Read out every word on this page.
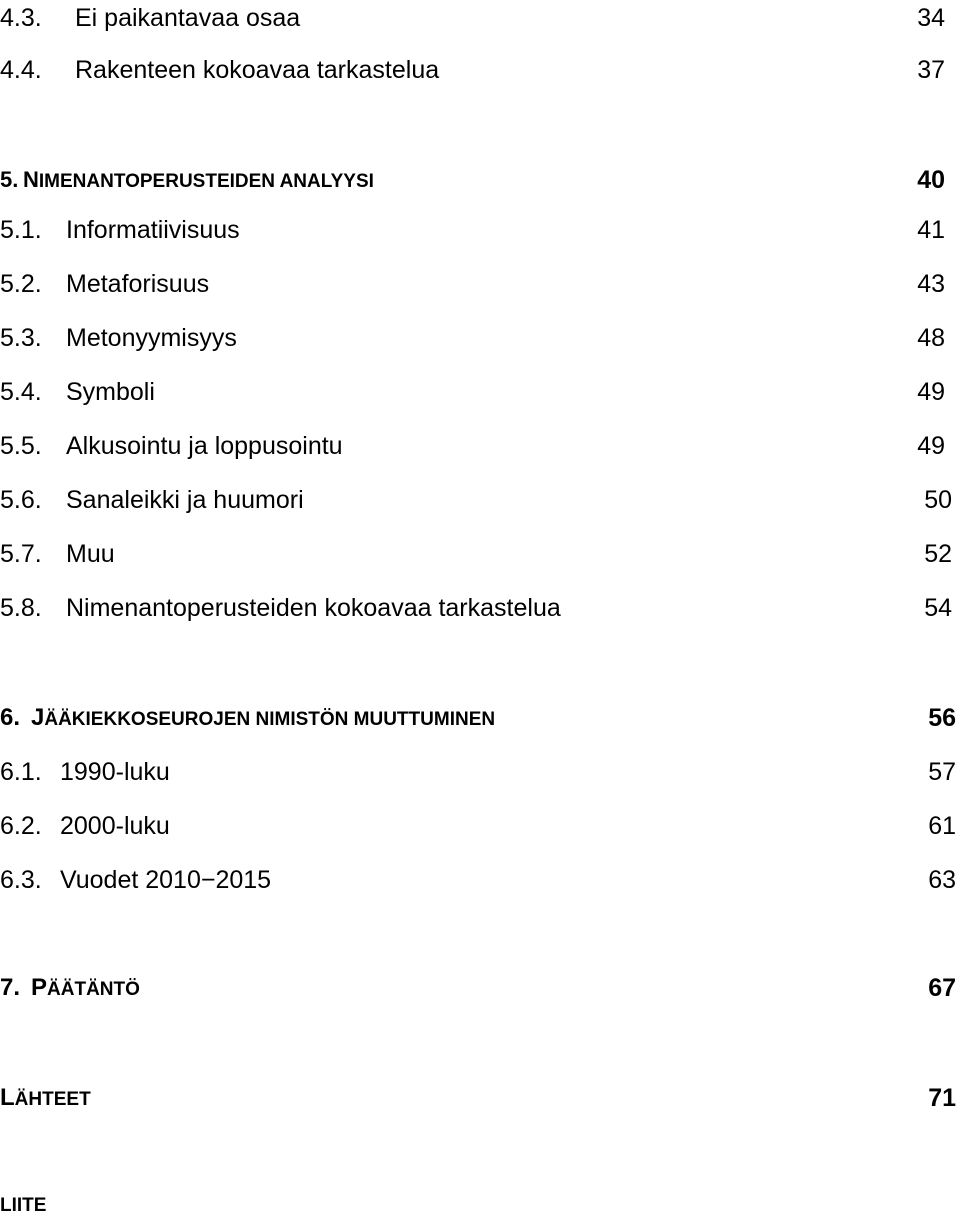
4.3. Ei paikantavaa osaa	34
4.4. Rakenteen kokoavaa tarkastelua	37
5. NIMENANTOPERUSTEIDEN ANALYYSI	40
5.1. Informatiivisuus	41
5.2. Metaforisuus	43
5.3. Metonyymisyys	48
5.4. Symboli	49
5.5. Alkusointu ja loppusointu	49
5.6. Sanaleikki ja huumori	50
5.7. Muu	52
5.8. Nimenantoperusteiden kokoavaa tarkastelua	54
6. JÄÄKIEKKOSEUROJEN NIMISTÖN MUUTTUMINEN	56
6.1. 1990-luku	57
6.2. 2000-luku	61
6.3. Vuodet 2010−2015	63
7. PÄÄTÄNTÖ	67
LÄHTEET	71
LIITE
